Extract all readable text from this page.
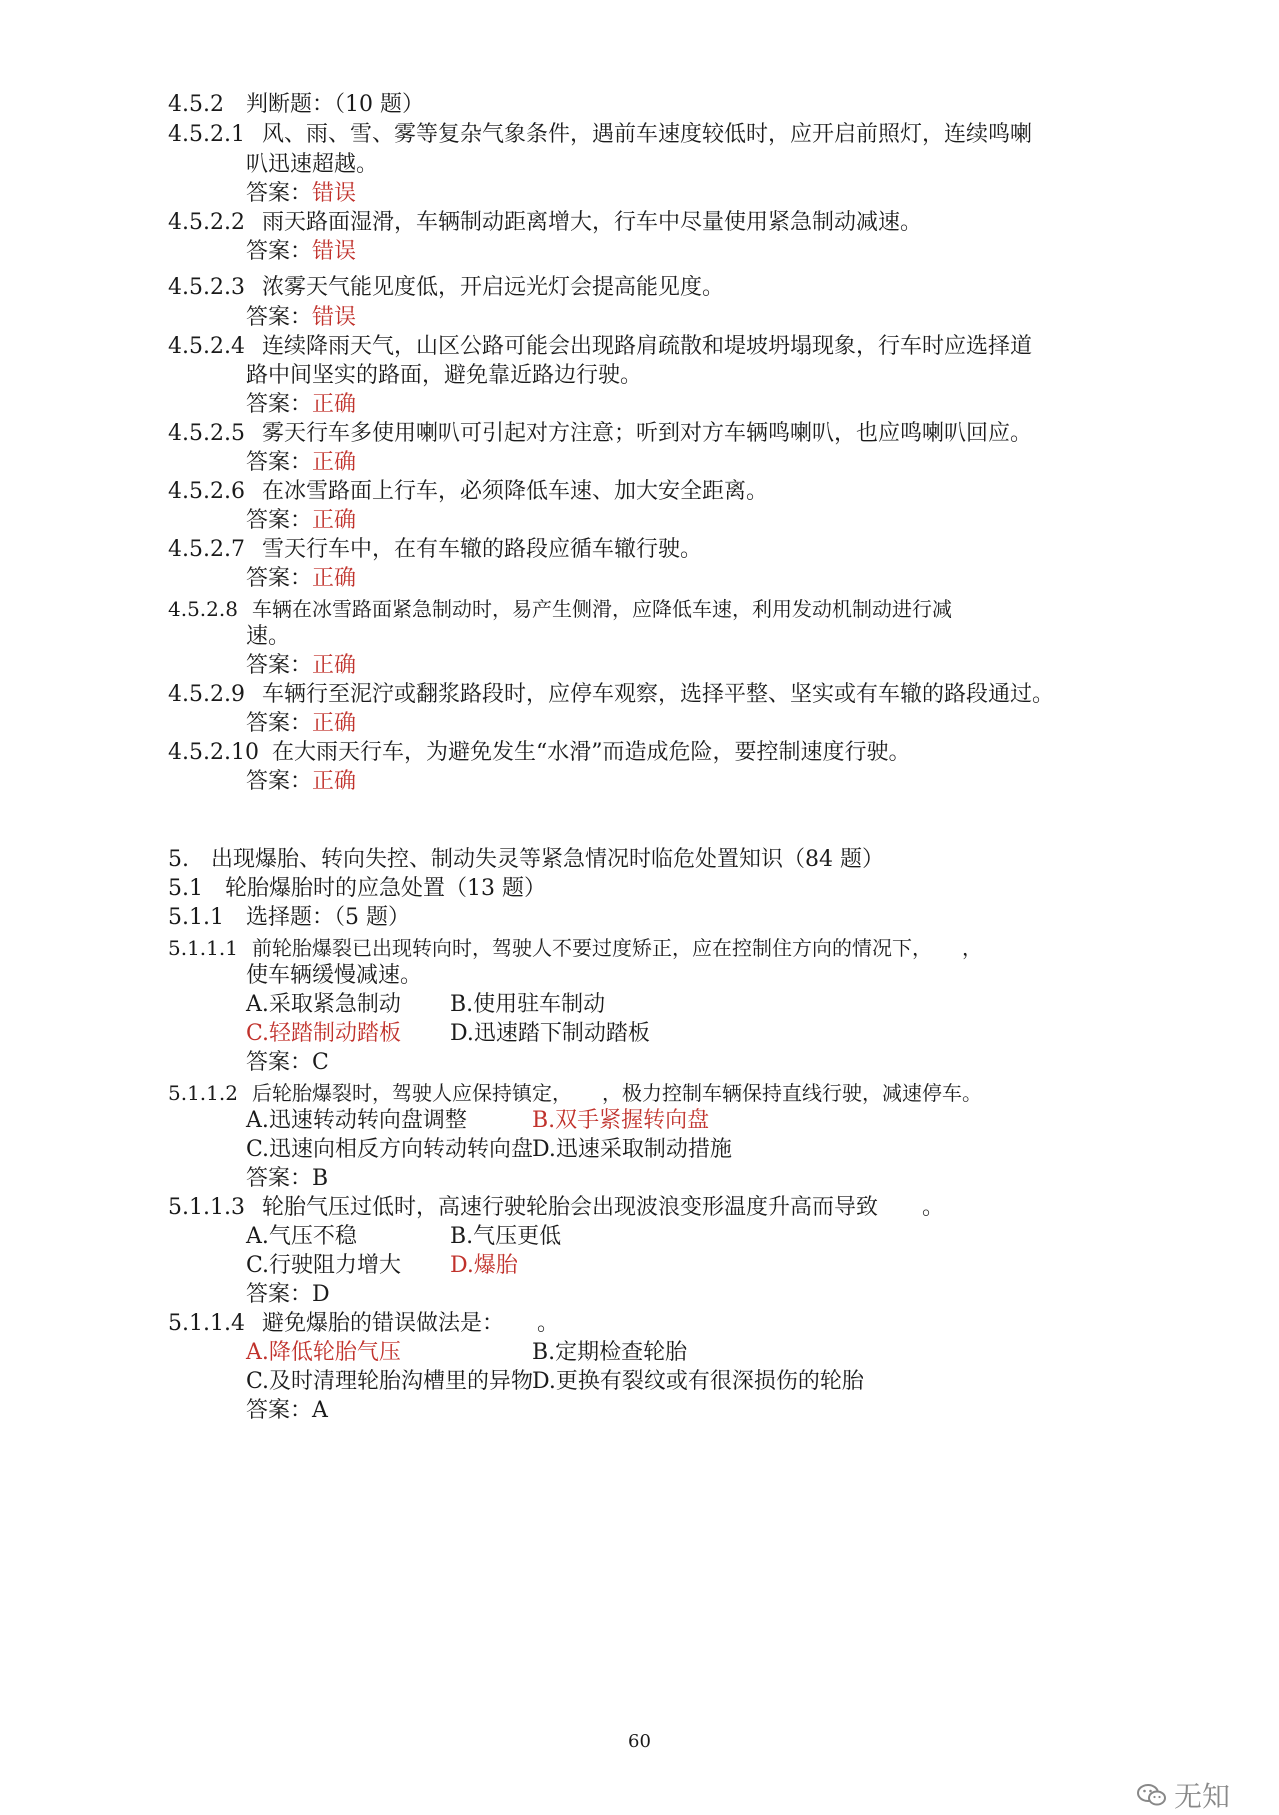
4.5.2　判断题：（10 题）
4.5.2.1 风、雨、雪、雾等复杂气象条件，遇前车速度较低时，应开启前照灯，连续鸣喇
叭迅速超越。
答案：错误
4.5.2.2 雨天路面湿滑，车辆制动距离增大，行车中尽量使用紧急制动减速。
答案：错误
4.5.2.3 浓雾天气能见度低，开启远光灯会提高能见度。
答案：错误
4.5.2.4 连续降雨天气，山区公路可能会出现路肩疏散和堤坡坍塌现象，行车时应选择道
路中间坚实的路面，避免靠近路边行驶。
答案：正确
4.5.2.5 雾天行车多使用喇叭可引起对方注意；听到对方车辆鸣喇叭，也应鸣喇叭回应。
答案：正确
4.5.2.6 在冰雪路面上行车，必须降低车速、加大安全距离。
答案：正确
4.5.2.7 雪天行车中，在有车辙的路段应循车辙行驶。
答案：正确
4.5.2.8 车辆在冰雪路面紧急制动时，易产生侧滑，应降低车速，利用发动机制动进行减
速。
答案：正确
4.5.2.9 车辆行至泥泞或翻浆路段时，应停车观察，选择平整、坚实或有车辙的路段通过。
答案：正确
4.5.2.10 在大雨天行车，为避免发生“水滑”而造成危险，要控制速度行驶。
答案：正确
5.　出现爆胎、转向失控、制动失灵等紧急情况时临危处置知识（84 题）
5.1　轮胎爆胎时的应急处置（13 题）
5.1.1　选择题：（5 题）
5.1.1.1 前轮胎爆裂已出现转向时，驾驶人不要过度矫正，应在控制住方向的情况下，　　，
使车辆缓慢减速。
A.采取紧急制动 B.使用驻车制动
C.轻踏制动踏板 D.迅速踏下制动踏板
答案：C
5.1.1.2 后轮胎爆裂时，驾驶人应保持镇定，　　，极力控制车辆保持直线行驶，减速停车。
A.迅速转动转向盘调整	B.双手紧握转向盘
C.迅速向相反方向转动转向盘
D.迅速采取制动措施
答案：B
5.1.1.3 轮胎气压过低时，高速行驶轮胎会出现波浪变形温度升高而导致　　。
A.气压不稳	B.气压更低
C.行驶阻力增大 D.爆胎
答案：D
5.1.1.4 避免爆胎的错误做法是：　　。
A.降低轮胎气压	B.定期检查轮胎
C.及时清理轮胎沟槽里的异物
D.更换有裂纹或有很深损伤的轮胎
答案：A
60
无知
